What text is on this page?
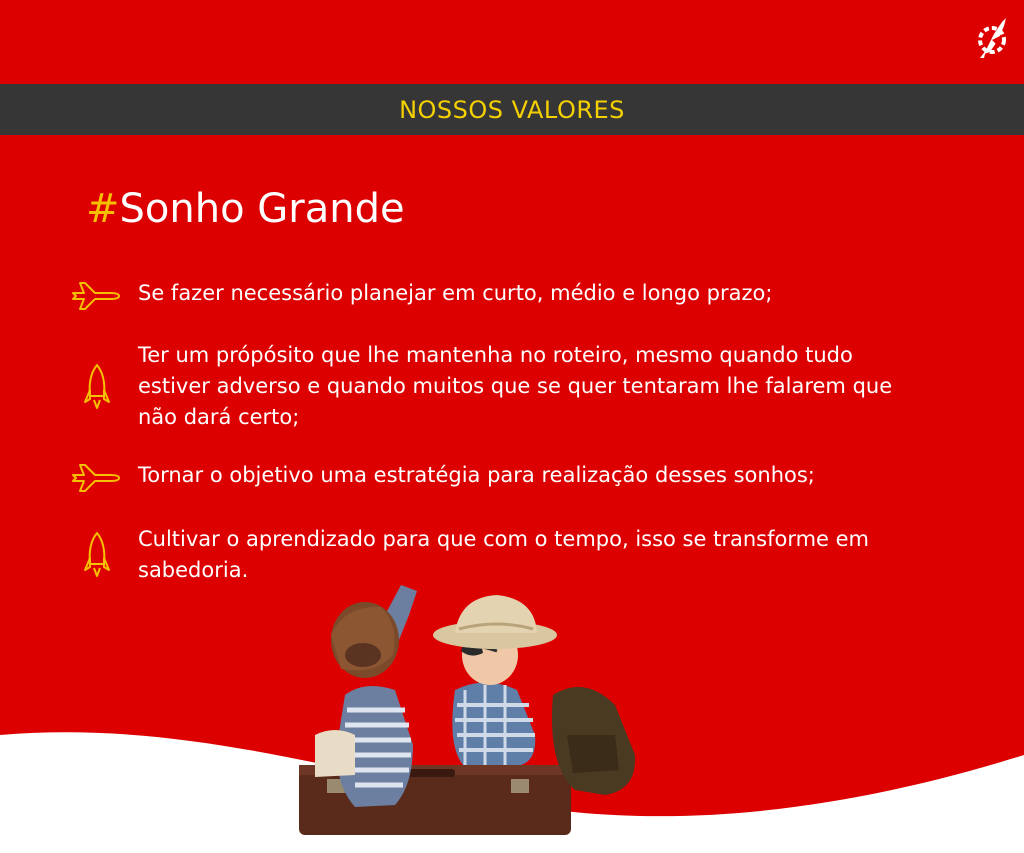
NOSSOS VALORES
#Sonho Grande
Se fazer necessário planejar em curto, médio e longo prazo;
Ter um própósito que lhe mantenha no roteiro, mesmo quando tudo estiver adverso e quando muitos que se quer tentaram lhe falarem que não dará certo;
Tornar o objetivo uma estratégia para realização desses sonhos;
Cultivar o aprendizado para que com o tempo, isso se transforme em sabedoria.
